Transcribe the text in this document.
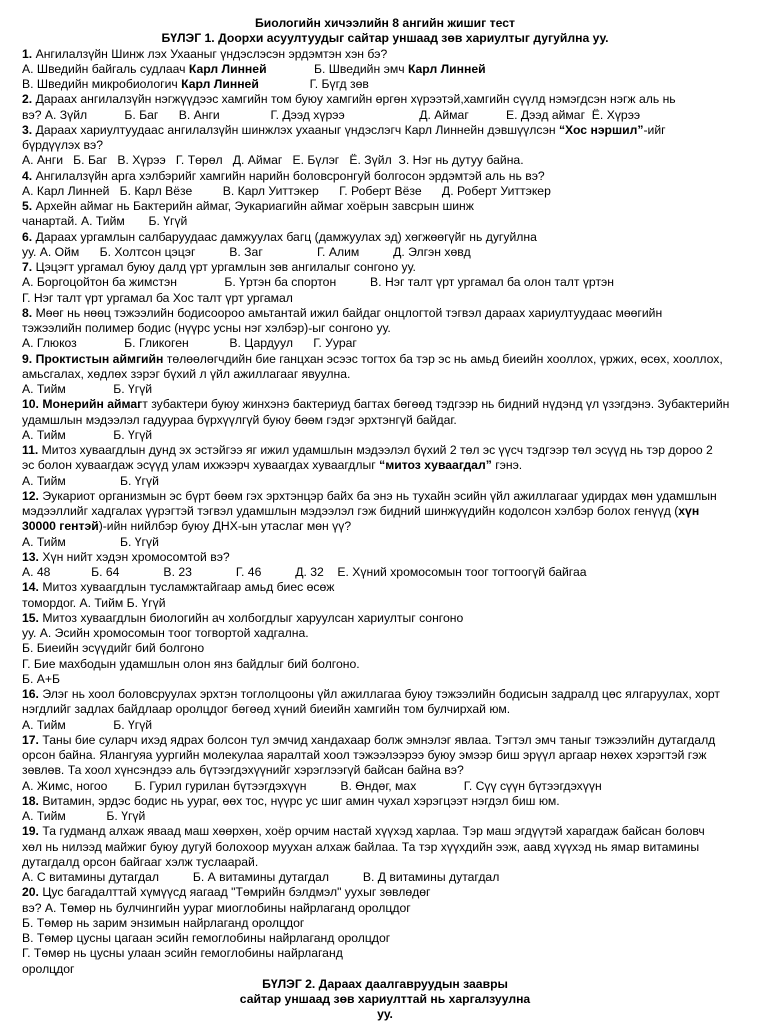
Биологийн хичээлийн 8 ангийн жишиг тест
БҮЛЭГ 1. Доорхи асуултуудыг сайтар уншаад зөв хариултыг дугуйлна уу.
1. Ангилалзүйн Шинж лэх Ухааныг үндэслэсэн эрдэмтэн хэн бэ?
А. Шведийн байгаль судлаач Карл Линней              Б. Шведийн эмч Карл Линней
В. Шведийн микробиологич Карл Линней               Г. Бүгд зөв
2. Дараах ангилалзүйн нэгжүүдээс хамгийн том буюу хамгийн өргөн хүрээтэй,хамгийн сүүлд нэмэгдсэн нэгж аль нь
вэ? А. Зүйл           Б. Баг      В. Анги               Г. Дээд хүрээ                      Д. Аймаг           Е. Дээд аймаг  Ё. Хүрээ
3. Дараах хариултуудаас ангилалзүйн шинжлэх ухааныг үндэслэгч Карл Линнейн дэвшүүлсэн “Хос нэршил”-ийг
бүрдүүлэх вэ?
А. Анги   Б. Баг   В. Хүрээ   Г. Төрөл   Д. Аймаг   Е. Бүлэг   Ё. Зүйл  З. Нэг нь дутуу байна.
4. Ангилалзүйн арга хэлбэрийг хамгийн нарийн боловсронгуй болгосон эрдэмтэй аль нь вэ?
А. Карл Линней   Б. Карл Вёзе         В. Карл Уиттэкер      Г. Роберт Вёзе      Д. Роберт Уиттэкер
5. Архейн аймаг нь Бактерийн аймаг, Эукариагийн аймаг хоёрын завсрын шинж
чанартай. А. Тийм       Б. Үгүй
6. Дараах ургамлын салбаруудаас дамжуулах багц (дамжуулах эд) хөгжөөгүйг нь дугуйлна
уу. А. Ойм      Б. Холтсон цэцэг          В. Заг                Г. Алим          Д. Элгэн хөвд
7. Цэцэгт ургамал буюу далд үрт ургамлын зөв ангилалыг сонгоно уу.
А. Боргоцойтон ба жимстэн              Б. Үртэн ба спортон          В. Нэг талт үрт ургамал ба олон талт үртэн
Г. Нэг талт үрт ургамал ба Хос талт үрт ургамал
8. Мөөг нь нөөц тэжээлийн бодисоороо амьтантай ижил байдаг онцлогтой тэгвэл дараах хариултуудаас мөөгийн
тэжээлийн полимер бодис (нүүрс усны нэг хэлбэр)-ыг сонгоно уу.
А. Глюкоз              Б. Гликоген            В. Цардуул      Г. Уураг
9. Проктистын аймгийн төлөөлөгчдийн бие ганцхан эсээс тогтох ба тэр эс нь амьд биеийн хооллох, үржих, өсөх, хооллох,
амьсгалах, хөдлөх зэрэг бүхий л үйл ажиллагааг явуулна.
А. Тийм              Б. Үгүй
10. Монерийн аймагт зубактери буюу жинхэнэ бактериуд багтах бөгөөд тэдгээр нь бидний нүдэнд үл үзэгдэнэ. Зубактерийн
удамшлын мэдээлэл гадуураа бүрхүүлгүй буюу бөөм гэдэг эрхтэнгүй байдаг.
А. Тийм              Б. Үгүй
11. Митоз хуваагдлын дунд эх эстэйгээ яг ижил удамшлын мэдээлэл бүхий 2 төл эс үүсч тэдгээр төл эсүүд нь тэр дороо 2
эс болон хуваагдаж эсүүд улам ихжээрч хуваагдах хуваагдлыг “митоз хуваагдал” гэнэ.
А. Тийм                Б. Үгүй
12. Эукариот организмын эс бүрт бөөм гэх эрхтэнцэр байх ба энэ нь тухайн эсийн үйл ажиллагааг удирдах мөн удамшлын
мэдээллийг хадгалах үүрэгтэй тэгвэл удамшлын мэдээлэл гэж бидний шинжүүдийн кодолсон хэлбэр болох генүүд (хүн
30000 гентэй)-ийн нийлбэр буюу ДНХ-ын утаслаг мөн үү?
А. Тийм                Б. Үгүй
13. Хүн нийт хэдэн хромосомтой вэ?
А. 48            Б. 64             В. 23             Г. 46          Д. 32    Е. Хүний хромосомын тоог тогтоогүй байгаа
14. Митоз хуваагдлын тусламжтайгаар амьд биес өсөж
томордог. А. Тийм Б. Үгүй
15. Митоз хуваагдлын биологийн ач холбогдлыг харуулсан хариултыг сонгоно
уу. А. Эсийн хромосомын тоог тогвортой хадгална.
Б. Биеийн эсүүдийг бий болгоно
Г. Бие махбодын удамшлын олон янз байдлыг бий болгоно.
Б. А+Б
16. Элэг нь хоол боловсруулах эрхтэн тоглолцооны үйл ажиллагаа буюу тэжээлийн бодисын задралд цөс ялгаруулах, хорт
нэгдлийг задлах байдлаар оролцдог бөгөөд хүний биеийн хамгийн том булчирхай юм.
А. Тийм              Б. Үгүй
17. Таны бие суларч ихэд ядрах болсон тул эмчид хандахаар болж эмнэлэг явлаа. Тэгтэл эмч таныг тэжээлийн дутагдалд
орсон байна. Ялангуяа уургийн молекулаа яаралтай хоол тэжээлээрээ буюу эмээр биш эрүүл аргаар нөхөх хэрэгтэй гэж
зөвлөв. Та хоол хүнсэндээ аль бүтээгдэхүүнийг хэрэглээгүй байсан байна вэ?
А. Жимс, ногоо        Б. Гурил гурилан бүтээгдэхүүн          В. Өндөг, мах              Г. Сүү сүүн бүтээгдэхүүн
18. Витамин, эрдэс бодис нь уураг, өөх тос, нүүрс ус шиг амин чухал хэрэгцээт нэгдэл биш юм.
А. Тийм            Б. Үгүй
19. Та гудманд алхаж яваад маш хөөрхөн, хоёр орчим настай хүүхэд харлаа. Тэр маш эгдүүтэй харагдаж байсан боловч
хөл нь нилээд майжиг буюу дугуй болохоор муухан алхаж байлаа. Та тэр хүүхдийн ээж, аавд хүүхэд нь ямар витамины
дутагдалд орсон байгааг хэлж туслаарай.
А. С витамины дутагдал          Б. А витамины дутагдал          В. Д витамины дутагдал
20. Цус багадалттай хүмүүсд яагаад "Төмрийн бэлдмэл" уухыг зөвлөдөг
вэ? А. Төмөр нь булчингийн уураг миоглобины найрлаганд оролцдог
Б. Төмөр нь зарим энзимын найрлаганд оролцдог
В. Төмөр цусны цагаан эсийн гемоглобины найрлаганд оролцдог
Г. Төмөр нь цусны улаан эсийн гемоглобины найрлаганд
оролцдог
БҮЛЭГ 2. Дараах даалгавруудын заавры
сайтар уншаад зөв хариулттай нь харгалзуулна
уу.
